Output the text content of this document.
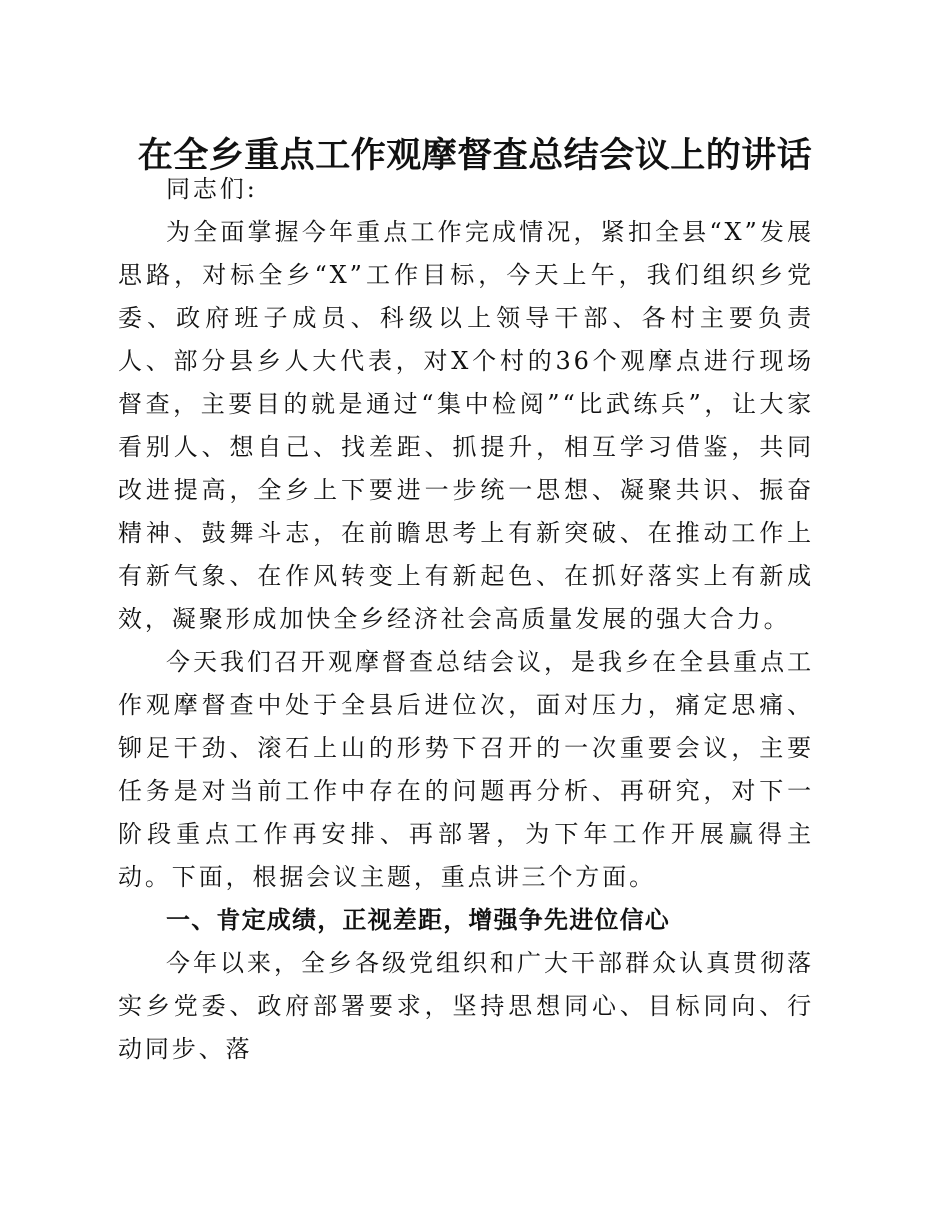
在全乡重点工作观摩督查总结会议上的讲话

同志们:

为全面掌握今年重点工作完成情况，紧扣全县“X”发展思路，对标全乡“X”工作目标，今天上午，我们组织乡党委、政府班子成员、科级以上领导干部、各村主要负责人、部分县乡人大代表，对X个村的36个观摩点进行现场督查，主要目的就是通过“集中检阅”“比武练兵”，让大家看别人、想自己、找差距、抓提升，相互学习借鉴，共同改进提高，全乡上下要进一步统一思想、凝聚共识、振奋精神、鼓舞斗志，在前瞻思考上有新突破、在推动工作上有新气象、在作风转变上有新起色、在抓好落实上有新成效，凝聚形成加快全乡经济社会高质量发展的强大合力。

今天我们召开观摩督查总结会议，是我乡在全县重点工作观摩督查中处于全县后进位次，面对压力，痛定思痛、铆足干劲、滚石上山的形势下召开的一次重要会议，主要任务是对当前工作中存在的问题再分析、再研究，对下一阶段重点工作再安排、再部署，为下年工作开展赢得主动。下面，根据会议主题，重点讲三个方面。

一、肯定成绩，正视差距，增强争先进位信心

今年以来，全乡各级党组织和广大干部群众认真贯彻落实乡党委、政府部署要求，坚持思想同心、目标同向、行动同步、落
